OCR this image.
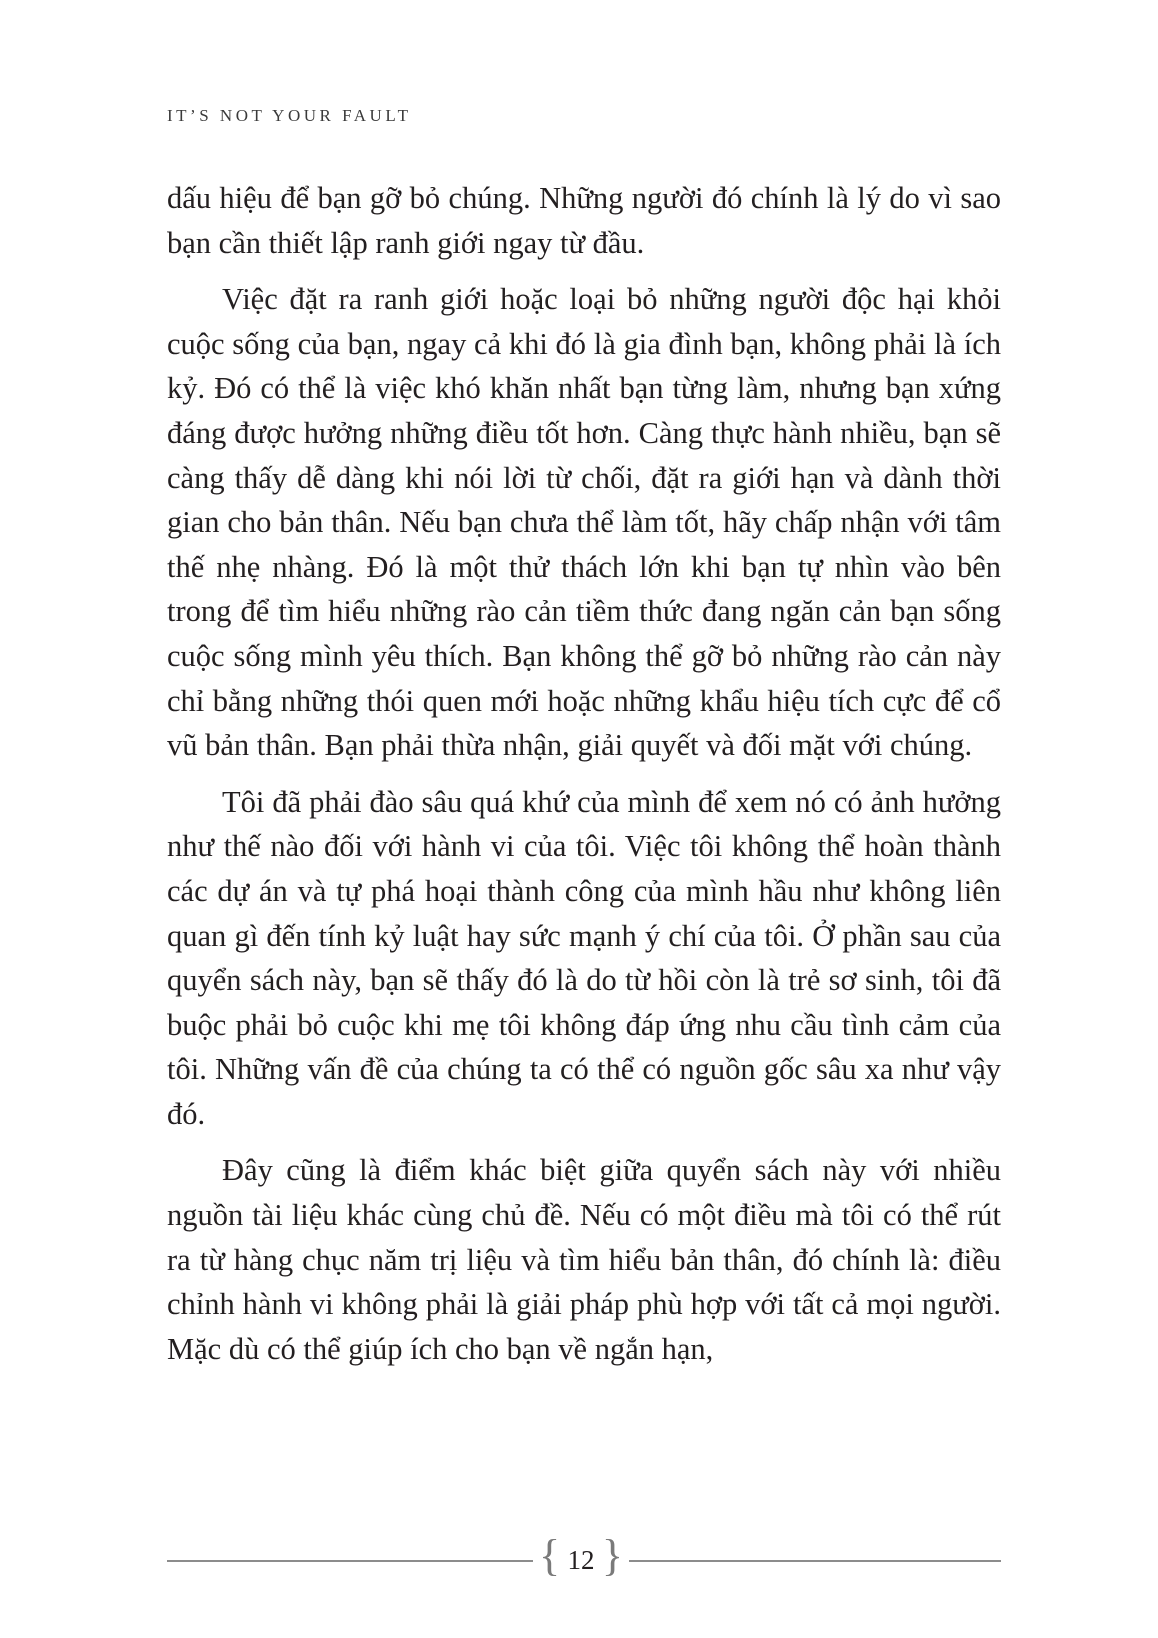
IT’S NOT YOUR FAULT

dấu hiệu để bạn gỡ bỏ chúng. Những người đó chính là lý do vì sao bạn cần thiết lập ranh giới ngay từ đầu.

Việc đặt ra ranh giới hoặc loại bỏ những người độc hại khỏi cuộc sống của bạn, ngay cả khi đó là gia đình bạn, không phải là ích kỷ. Đó có thể là việc khó khăn nhất bạn từng làm, nhưng bạn xứng đáng được hưởng những điều tốt hơn. Càng thực hành nhiều, bạn sẽ càng thấy dễ dàng khi nói lời từ chối, đặt ra giới hạn và dành thời gian cho bản thân. Nếu bạn chưa thể làm tốt, hãy chấp nhận với tâm thế nhẹ nhàng. Đó là một thử thách lớn khi bạn tự nhìn vào bên trong để tìm hiểu những rào cản tiềm thức đang ngăn cản bạn sống cuộc sống mình yêu thích. Bạn không thể gỡ bỏ những rào cản này chỉ bằng những thói quen mới hoặc những khẩu hiệu tích cực để cổ vũ bản thân. Bạn phải thừa nhận, giải quyết và đối mặt với chúng.

Tôi đã phải đào sâu quá khứ của mình để xem nó có ảnh hưởng như thế nào đối với hành vi của tôi. Việc tôi không thể hoàn thành các dự án và tự phá hoại thành công của mình hầu như không liên quan gì đến tính kỷ luật hay sức mạnh ý chí của tôi. Ở phần sau của quyển sách này, bạn sẽ thấy đó là do từ hồi còn là trẻ sơ sinh, tôi đã buộc phải bỏ cuộc khi mẹ tôi không đáp ứng nhu cầu tình cảm của tôi. Những vấn đề của chúng ta có thể có nguồn gốc sâu xa như vậy đó.

Đây cũng là điểm khác biệt giữa quyển sách này với nhiều nguồn tài liệu khác cùng chủ đề. Nếu có một điều mà tôi có thể rút ra từ hàng chục năm trị liệu và tìm hiểu bản thân, đó chính là: điều chỉnh hành vi không phải là giải pháp phù hợp với tất cả mọi người. Mặc dù có thể giúp ích cho bạn về ngắn hạn,

{ 12 }
